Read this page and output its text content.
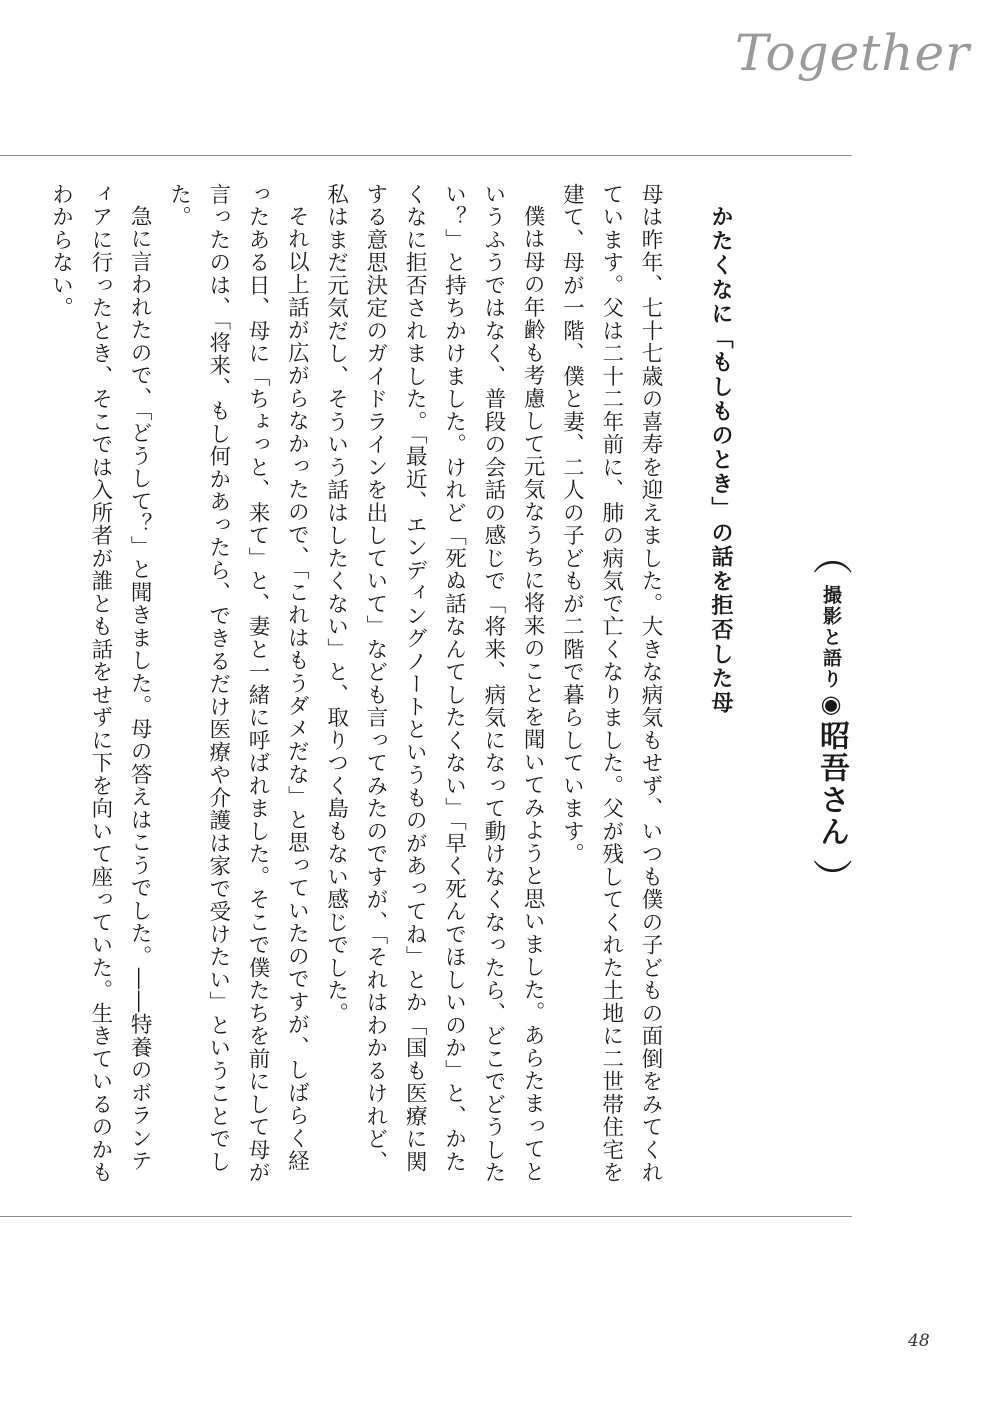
Together
（
撮影と語り◉昭吾さん
）
かたくなに「もしものとき」の話を拒否した母

母は昨年、七十七歳の喜寿を迎えました。大きな病気もせず、いつも僕の子どもの面倒をみてくれています。父は二十二年前に、肺の病気で亡くなりました。父が残してくれた土地に二世帯住宅を建て、母が一階、僕と妻、二人の子どもが二階で暮らしています。

僕は母の年齢も考慮して元気なうちに将来のことを聞いてみようと思いました。あらたまってというふうではなく、普段の会話の感じで「将来、病気になって動けなくなったら、どこでどうしたい？」と持ちかけました。けれど「死ぬ話なんてしたくない」「早く死んでほしいのか」と、かたくなに拒否されました。「最近、エンディングノートというものがあってね」とか「国も医療に関する意思決定のガイドラインを出していて」なども言ってみたのですが、「それはわかるけれど、私はまだ元気だし、そういう話はしたくない」と、取りつく島もない感じでした。

それ以上話が広がらなかったので、「これはもうダメだな」と思っていたのですが、しばらく経ったある日、母に「ちょっと、来て」と、妻と一緒に呼ばれました。そこで僕たちを前にして母が言ったのは、「将来、もし何かあったら、できるだけ医療や介護は家で受けたい」ということでした。

急に言われたので、「どうして？」と聞きました。母の答えはこうでした。――特養のボランティアに行ったとき、そこでは入所者が誰とも話をせずに下を向いて座っていた。生きているのかもわからない。

48
